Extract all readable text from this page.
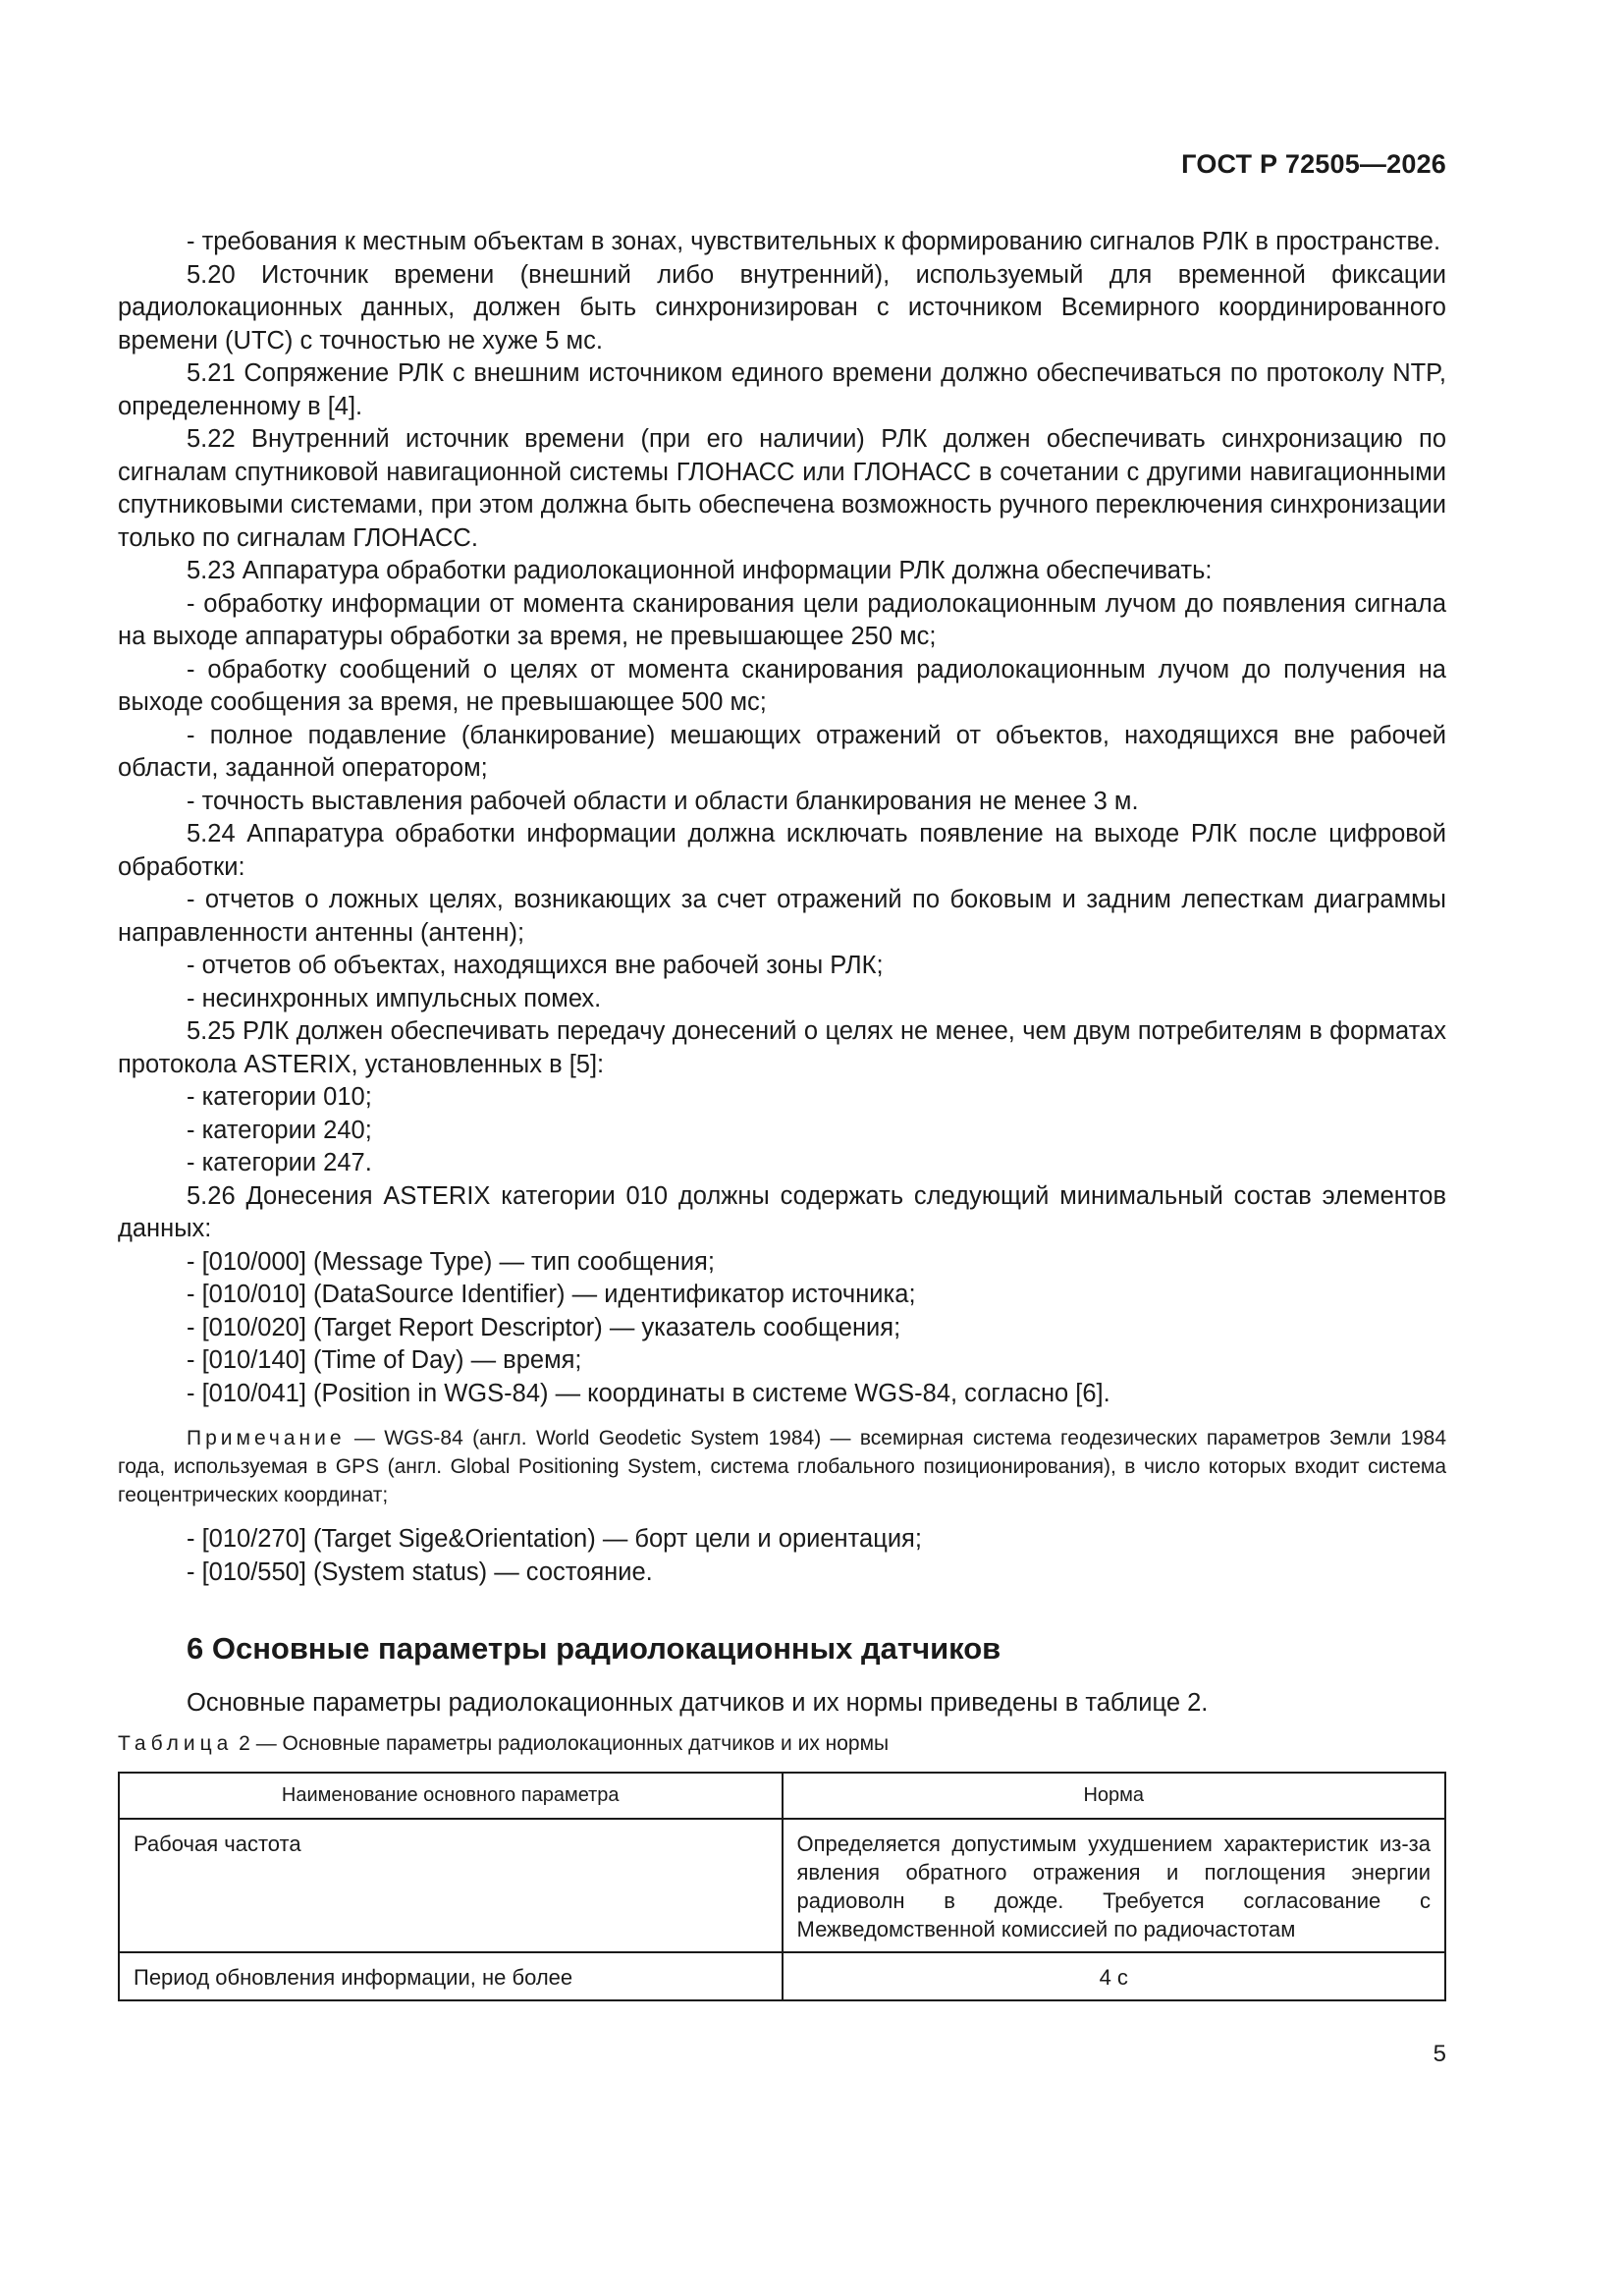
ГОСТ Р 72505—2026

- требования к местным объектам в зонах, чувствительных к формированию сигналов РЛК в пространстве.

5.20 Источник времени (внешний либо внутренний), используемый для временной фиксации радиолокационных данных, должен быть синхронизирован с источником Всемирного координированного времени (UTC) с точностью не хуже 5 мс.

5.21 Сопряжение РЛК с внешним источником единого времени должно обеспечиваться по протоколу NTP, определенному в [4].

5.22 Внутренний источник времени (при его наличии) РЛК должен обеспечивать синхронизацию по сигналам спутниковой навигационной системы ГЛОНАСС или ГЛОНАСС в сочетании с другими навигационными спутниковыми системами, при этом должна быть обеспечена возможность ручного переключения синхронизации только по сигналам ГЛОНАСС.

5.23 Аппаратура обработки радиолокационной информации РЛК должна обеспечивать:

- обработку информации от момента сканирования цели радиолокационным лучом до появления сигнала на выходе аппаратуры обработки за время, не превышающее 250 мс;

- обработку сообщений о целях от момента сканирования радиолокационным лучом до получения на выходе сообщения за время, не превышающее 500 мс;

- полное подавление (бланкирование) мешающих отражений от объектов, находящихся вне рабочей области, заданной оператором;

- точность выставления рабочей области и области бланкирования не менее 3 м.

5.24 Аппаратура обработки информации должна исключать появление на выходе РЛК после цифровой обработки:

- отчетов о ложных целях, возникающих за счет отражений по боковым и задним лепесткам диаграммы направленности антенны (антенн);

- отчетов об объектах, находящихся вне рабочей зоны РЛК;

- несинхронных импульсных помех.

5.25 РЛК должен обеспечивать передачу донесений о целях не менее, чем двум потребителям в форматах протокола ASTERIX, установленных в [5]:

- категории 010;

- категории 240;

- категории 247.

5.26 Донесения ASTERIX категории 010 должны содержать следующий минимальный состав элементов данных:

- [010/000] (Message Type) — тип сообщения;

- [010/010] (DataSource Identifier) — идентификатор источника;

- [010/020] (Target Report Descriptor) — указатель сообщения;

- [010/140] (Time of Day) — время;

- [010/041] (Position in WGS-84) — координаты в системе WGS-84, согласно [6].

Примечание — WGS-84 (англ. World Geodetic System 1984) — всемирная система геодезических параметров Земли 1984 года, используемая в GPS (англ. Global Positioning System, система глобального позиционирования), в число которых входит система геоцентрических координат;

- [010/270] (Target Sige&Orientation) — борт цели и ориентация;

- [010/550] (System status) — состояние.

6 Основные параметры радиолокационных датчиков

Основные параметры радиолокационных датчиков и их нормы приведены в таблице 2.

Таблица 2 — Основные параметры радиолокационных датчиков и их нормы

Наименование основного параметра	Норма
Рабочая частота	Определяется допустимым ухудшением характеристик из-за явления обратного отражения и поглощения энергии радиоволн в дожде. Требуется согласование с Межведомственной комиссией по радиочастотам
Период обновления информации, не более	4 с
5
